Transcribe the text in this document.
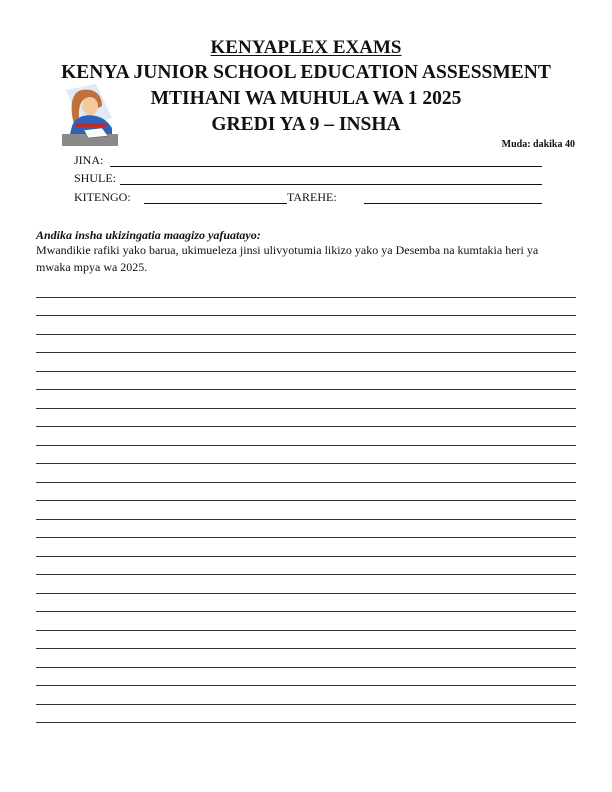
KENYAPLEX EXAMS
KENYA JUNIOR SCHOOL EDUCATION ASSESSMENT
MTIHANI WA MUHULA WA 1 2025
GREDI YA 9 – INSHA
Muda: dakika 40
JINA:
SHULE:
KITENGO:	TAREHE:
Andika insha ukizingatia maagizo yafuatayo:
Mwandikie rafiki yako barua, ukimueleza jinsi ulivyotumia likizo yako ya Desemba na kumtakia heri ya mwaka mpya wa 2025.
